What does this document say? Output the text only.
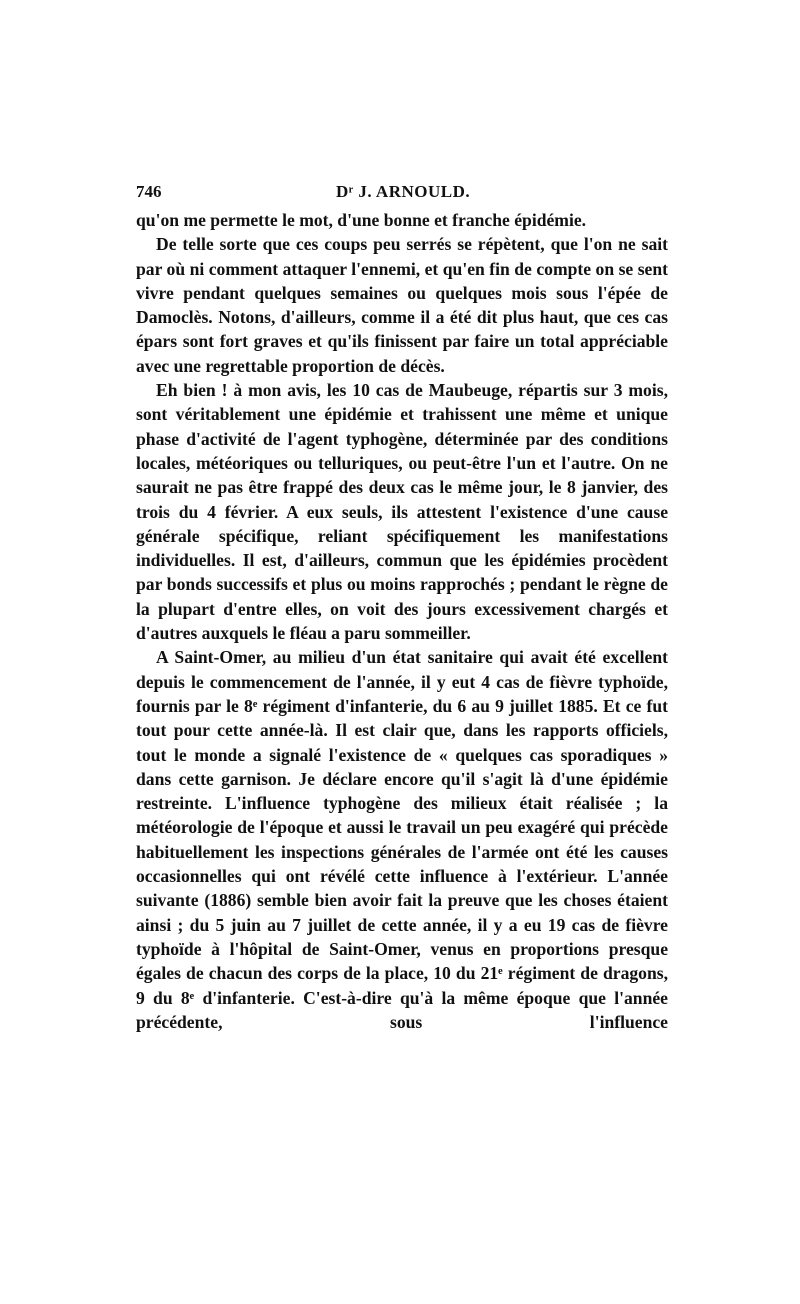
746	Dʳ J. ARNOULD.

qu'on me permette le mot, d'une bonne et franche épidémie.

De telle sorte que ces coups peu serrés se répètent, que l'on ne sait par où ni comment attaquer l'ennemi, et qu'en fin de compte on se sent vivre pendant quelques semaines ou quelques mois sous l'épée de Damoclès. Notons, d'ailleurs, comme il a été dit plus haut, que ces cas épars sont fort graves et qu'ils finissent par faire un total appréciable avec une regrettable proportion de décès.

Eh bien ! à mon avis, les 10 cas de Maubeuge, répartis sur 3 mois, sont véritablement une épidémie et trahissent une même et unique phase d'activité de l'agent typhogène, déterminée par des conditions locales, météoriques ou telluriques, ou peut-être l'un et l'autre. On ne saurait ne pas être frappé des deux cas le même jour, le 8 janvier, des trois du 4 février. A eux seuls, ils attestent l'existence d'une cause générale spécifique, reliant spécifiquement les manifestations individuelles. Il est, d'ailleurs, commun que les épidémies procèdent par bonds successifs et plus ou moins rapprochés ; pendant le règne de la plupart d'entre elles, on voit des jours excessivement chargés et d'autres auxquels le fléau a paru sommeiller.

A Saint-Omer, au milieu d'un état sanitaire qui avait été excellent depuis le commencement de l'année, il y eut 4 cas de fièvre typhoïde, fournis par le 8ᵉ régiment d'infanterie, du 6 au 9 juillet 1885. Et ce fut tout pour cette année-là. Il est clair que, dans les rapports officiels, tout le monde a signalé l'existence de « quelques cas sporadiques » dans cette garnison. Je déclare encore qu'il s'agit là d'une épidémie restreinte. L'influence typhogène des milieux était réalisée ; la météorologie de l'époque et aussi le travail un peu exagéré qui précède habituellement les inspections générales de l'armée ont été les causes occasionnelles qui ont révélé cette influence à l'extérieur. L'année suivante (1886) semble bien avoir fait la preuve que les choses étaient ainsi ; du 5 juin au 7 juillet de cette année, il y a eu 19 cas de fièvre typhoïde à l'hôpital de Saint-Omer, venus en proportions presque égales de chacun des corps de la place, 10 du 21ᵉ régiment de dragons, 9 du 8ᵉ d'infanterie. C'est-à-dire qu'à la même époque que l'année précédente, sous l'influence
